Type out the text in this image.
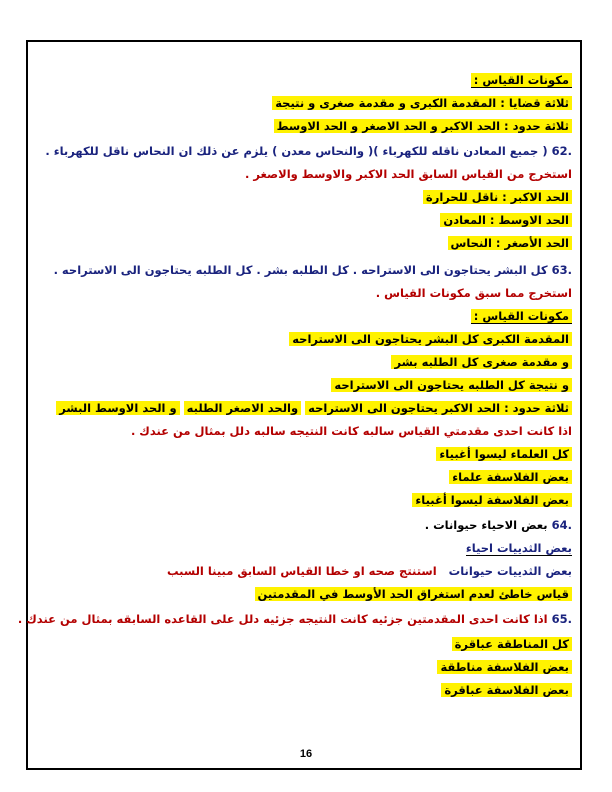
مكونات القياس :
ثلاثة قضايا : المقدمة الكبرى و مقدمة صغرى و نتيجة
ثلاثة حدود : الحد الاكبر و الحد الاصغر و الحد الاوسط
62. ( جميع المعادن ناقله للكهرباء )( والنحاس معدن ) يلزم عن ذلك ان النحاس ناقل للكهرباء .
استخرج من القياس السابق الحد الاكبر والاوسط والاصغر .
الحد الاكبر : ناقل للحرارة
الحد الاوسط : المعادن
الحد الأصغر : النحاس
63. كل البشر يحتاجون الى الاستراحه . كل الطلبه بشر . كل الطلبه يحتاجون الى الاستراحه .
استخرج مما سبق مكونات القياس .
مكونات القياس :
المقدمة الكبرى كل البشر يحتاجون الى الاستراحه
و مقدمة صغرى كل الطلبه بشر
و نتيجة كل الطلبه يحتاجون الى الاستراحه
ثلاثة حدود : الحد الاكبر يحتاجون الى الاستراحه والحد الاصغر الطلبه و الحد الاوسط البشر
اذا كانت احدى مقدمتي القياس سالبه كانت النتيجه سالبه دلل بمثال من عندك .
كل العلماء ليسوا أغبياء
بعض الفلاسفة علماء
بعض الفلاسفة ليسوا أغبياء
64. بعض الاحياء حيوانات .
بعض الثدييات احياء
بعض الثدييات حيوانات   استنتج صحه او خطا القياس السابق مبينا السبب
قياس خاطئ لعدم استغراق الحد الأوسط في المقدمتين
65. اذا كانت احدى المقدمتين جزئيه كانت النتيجه جزئيه دلل على القاعده السابقه بمثال من عندك .
كل المناطقة عباقرة
بعض الفلاسفة مناطقة
بعض الفلاسفة عباقرة
16
